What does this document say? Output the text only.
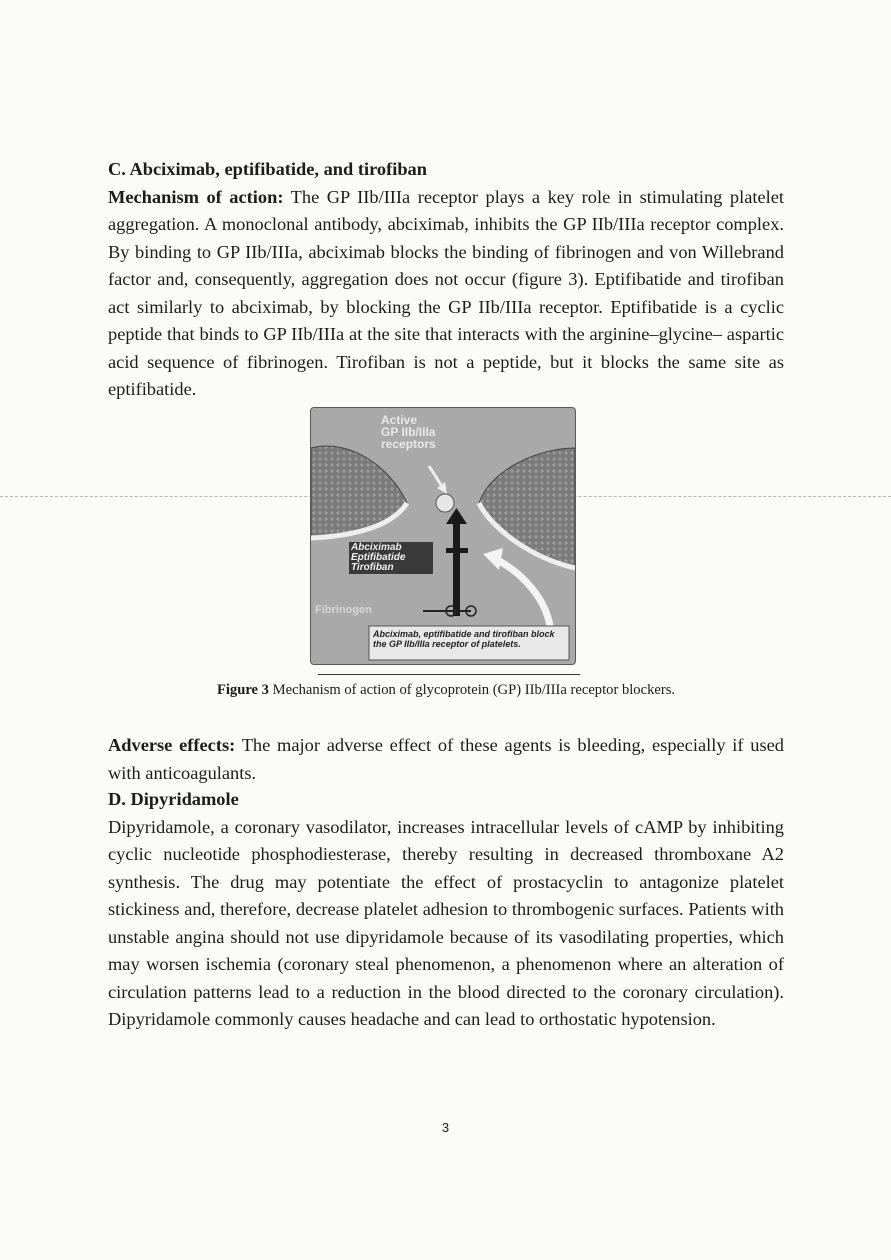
C. Abciximab, eptifibatide, and tirofiban
Mechanism of action: The GP IIb/IIIa receptor plays a key role in stimulating platelet aggregation. A monoclonal antibody, abciximab, inhibits the GP IIb/IIIa receptor complex. By binding to GP IIb/IIIa, abciximab blocks the binding of fibrinogen and von Willebrand factor and, consequently, aggregation does not occur (figure 3). Eptifibatide and tirofiban act similarly to abciximab, by blocking the GP IIb/IIIa receptor. Eptifibatide is a cyclic peptide that binds to GP IIb/IIIa at the site that interacts with the arginine–glycine– aspartic acid sequence of fibrinogen. Tirofiban is not a peptide, but it blocks the same site as eptifibatide.
Active
GP IIb/IIIa
receptors
Abciximab
Eptifibatide
Tirofiban
Fibrinogen
Abciximab, eptifibatide and tirofiban block the GP IIb/IIIa receptor of platelets.
Figure 3 Mechanism of action of glycoprotein (GP) IIb/IIIa receptor blockers.
Adverse effects: The major adverse effect of these agents is bleeding, especially if used with anticoagulants.
D. Dipyridamole
Dipyridamole, a coronary vasodilator, increases intracellular levels of cAMP by inhibiting cyclic nucleotide phosphodiesterase, thereby resulting in decreased thromboxane A2 synthesis. The drug may potentiate the effect of prostacyclin to antagonize platelet stickiness and, therefore, decrease platelet adhesion to thrombogenic surfaces. Patients with unstable angina should not use dipyridamole because of its vasodilating properties, which may worsen ischemia (coronary steal phenomenon, a phenomenon where an alteration of circulation patterns lead to a reduction in the blood directed to the coronary circulation). Dipyridamole commonly causes headache and can lead to orthostatic hypotension.
3
